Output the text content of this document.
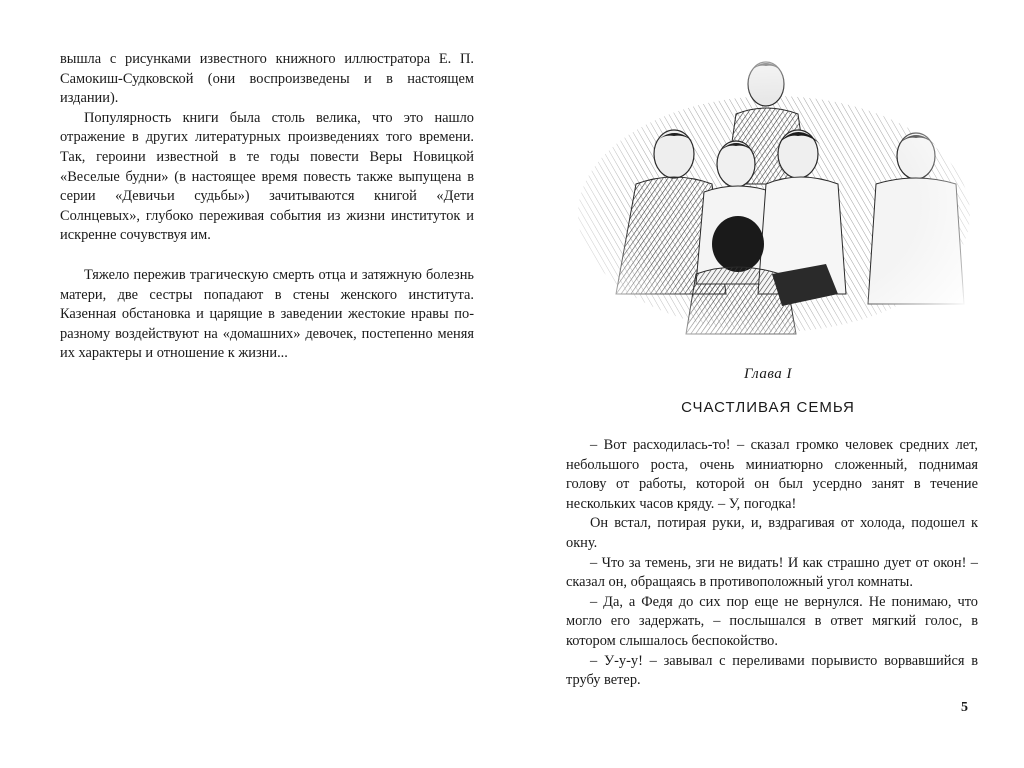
вышла с рисунками известного книжного иллюстратора Е. П. Самокиш-Судковской (они воспроизведены и в настоящем издании).

Популярность книги была столь велика, что это нашло отражение в других литературных произведениях того времени. Так, героини известной в те годы повести Веры Новицкой «Веселые будни» (в настоящее время повесть также выпущена в серии «Девичьи судьбы») зачитываются книгой «Дети Солнцевых», глубоко переживая события из жизни институток и искренне сочувствуя им.

Тяжело пережив трагическую смерть отца и затяжную болезнь матери, две сестры попадают в стены женского института. Казенная обстановка и царящие в заведении жестокие нравы по-разному воздействуют на «домашних» девочек, постепенно меняя их характеры и отношение к жизни...

Глава I
СЧАСТЛИВАЯ СЕМЬЯ

– Вот расходилась-то! – сказал громко человек средних лет, небольшого роста, очень миниатюрно сложенный, поднимая голову от работы, которой он был усердно занят в течение нескольких часов кряду. – У, погодка!

Он встал, потирая руки, и, вздрагивая от холода, подошел к окну.

– Что за темень, зги не видать! И как страшно дует от окон! – сказал он, обращаясь в противоположный угол комнаты.

– Да, а Федя до сих пор еще не вернулся. Не понимаю, что могло его задержать, – послышался в ответ мягкий голос, в котором слышалось беспокойство.

– У-у-у! – завывал с переливами порывисто ворвавшийся в трубу ветер.

5
